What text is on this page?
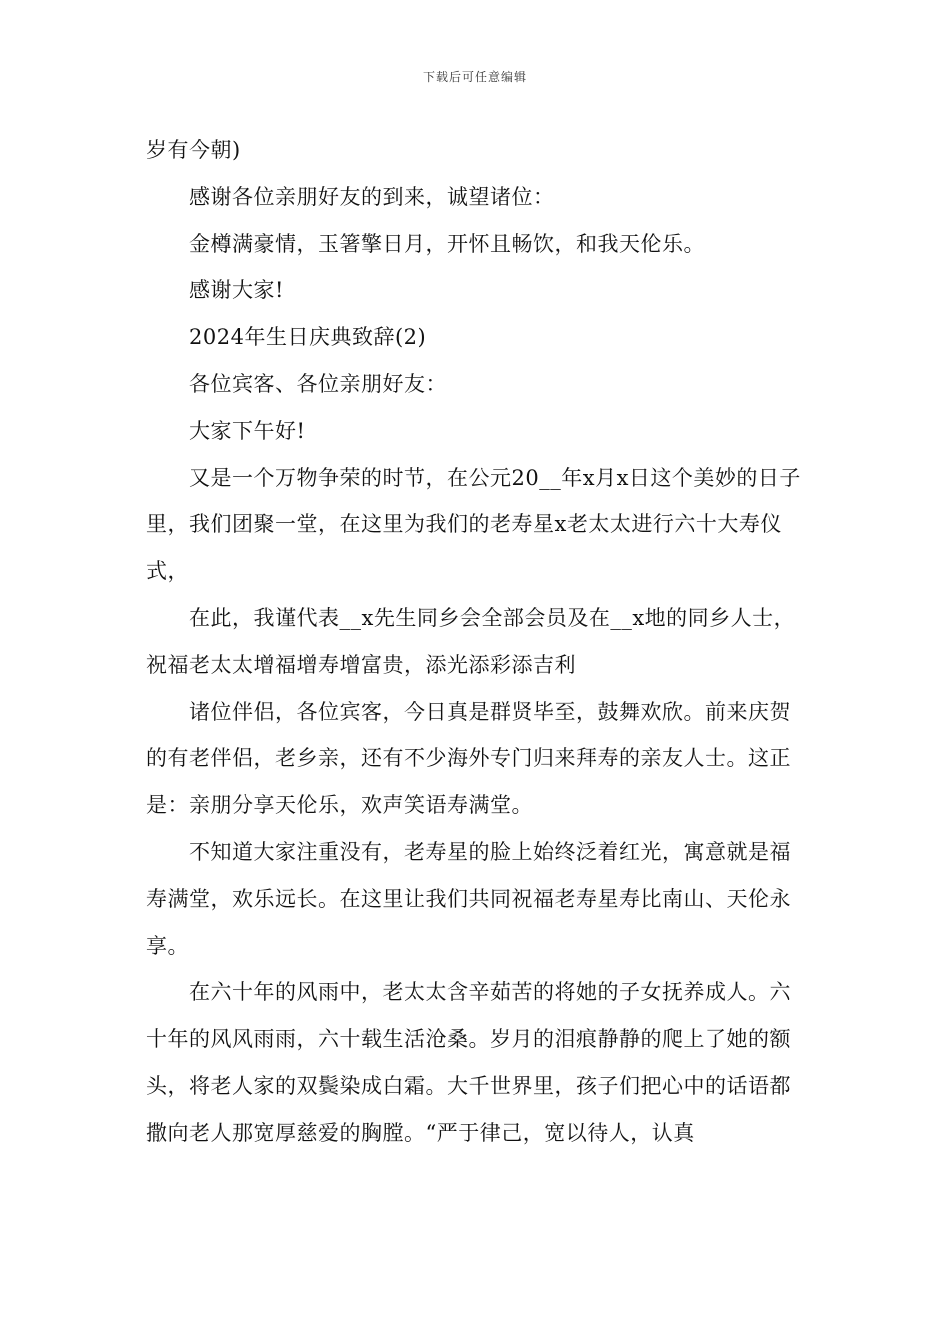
下载后可任意编辑

岁有今朝)

感谢各位亲朋好友的到来，诚望诸位：

金樽满豪情，玉箸擎日月，开怀且畅饮，和我天伦乐。

感谢大家!

2024年生日庆典致辞(2)

各位宾客、各位亲朋好友：

大家下午好!

又是一个万物争荣的时节，在公元20__年x月x日这个美妙的日子里，我们团聚一堂，在这里为我们的老寿星x老太太进行六十大寿仪式，

在此，我谨代表__x先生同乡会全部会员及在__x地的同乡人士，祝福老太太增福增寿增富贵，添光添彩添吉利

诸位伴侣，各位宾客，今日真是群贤毕至，鼓舞欢欣。前来庆贺的有老伴侣，老乡亲，还有不少海外专门归来拜寿的亲友人士。这正是：亲朋分享天伦乐，欢声笑语寿满堂。

不知道大家注重没有，老寿星的脸上始终泛着红光，寓意就是福寿满堂，欢乐远长。在这里让我们共同祝福老寿星寿比南山、天伦永享。

在六十年的风雨中，老太太含辛茹苦的将她的子女抚养成人。六十年的风风雨雨，六十载生活沧桑。岁月的泪痕静静的爬上了她的额头，将老人家的双鬓染成白霜。大千世界里，孩子们把心中的话语都撒向老人那宽厚慈爱的胸膛。“严于律己，宽以待人，认真
